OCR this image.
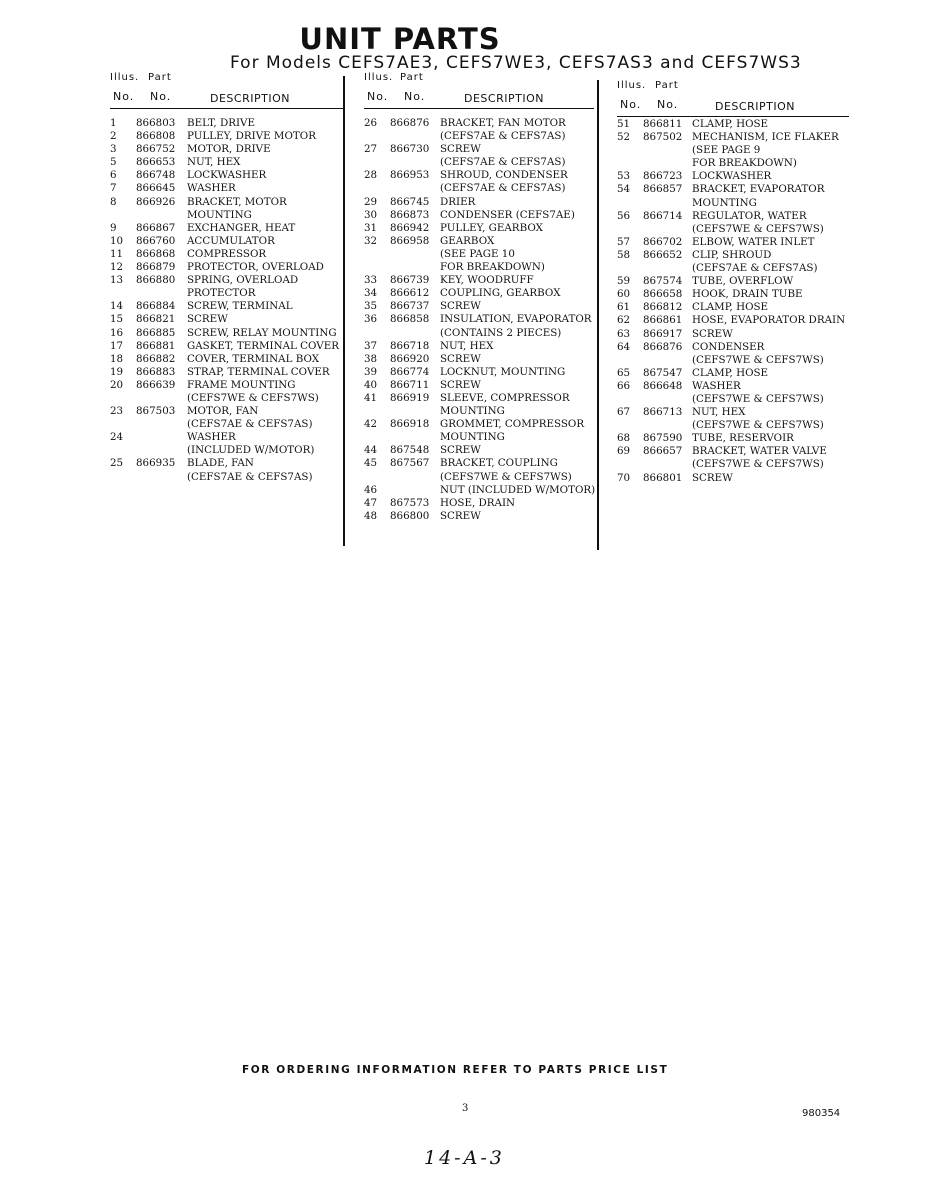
UNIT PARTS
For Models CEFS7AE3, CEFS7WE3, CEFS7AS3 and CEFS7WS3
Illus. Part
No. No.	DESCRIPTION
1 866803 BELT, DRIVE
2 866808 PULLEY, DRIVE MOTOR
3 866752 MOTOR, DRIVE
5 866653 NUT, HEX
6 866748 LOCKWASHER
7 866645 WASHER
8 866926 BRACKET, MOTOR
MOUNTING
9 866867 EXCHANGER, HEAT
10 866760 ACCUMULATOR
11 866868 COMPRESSOR
12 866879 PROTECTOR, OVERLOAD
13 866880 SPRING, OVERLOAD
PROTECTOR
14 866884 SCREW, TERMINAL
15 866821 SCREW
16 866885 SCREW, RELAY MOUNTING
17 866881 GASKET, TERMINAL COVER
18 866882 COVER, TERMINAL BOX
19 866883 STRAP, TERMINAL COVER
20 866639 FRAME MOUNTING
(CEFS7WE & CEFS7WS)
23 867503 MOTOR, FAN
(CEFS7AE & CEFS7AS)
24	WASHER
(INCLUDED W/MOTOR)
25 866935 BLADE, FAN
(CEFS7AE & CEFS7AS)
Illus. Part
No. No.	DESCRIPTION
26 866876 BRACKET, FAN MOTOR
(CEFS7AE & CEFS7AS)
27 866730 SCREW
(CEFS7AE & CEFS7AS)
28 866953 SHROUD, CONDENSER
(CEFS7AE & CEFS7AS)
29 866745 DRIER
30 866873 CONDENSER (CEFS7AE)
31 866942 PULLEY, GEARBOX
32 866958 GEARBOX
(SEE PAGE 10
FOR BREAKDOWN)
33 866739 KEY, WOODRUFF
34 866612 COUPLING, GEARBOX
35 866737 SCREW
36 866858 INSULATION, EVAPORATOR
(CONTAINS 2 PIECES)
37 866718 NUT, HEX
38 866920 SCREW
39 866774 LOCKNUT, MOUNTING
40 866711 SCREW
41 866919 SLEEVE, COMPRESSOR
MOUNTING
42 866918 GROMMET, COMPRESSOR
MOUNTING
44 867548 SCREW
45 867567 BRACKET, COUPLING
(CEFS7WE & CEFS7WS)
46	NUT (INCLUDED W/MOTOR)
47 867573 HOSE, DRAIN
48 866800 SCREW
Illus. Part
No. No.	DESCRIPTION
51 866811 CLAMP, HOSE
52 867502 MECHANISM, ICE FLAKER
(SEE PAGE 9
FOR BREAKDOWN)
53 866723 LOCKWASHER
54 866857 BRACKET, EVAPORATOR
MOUNTING
56 866714 REGULATOR, WATER
(CEFS7WE & CEFS7WS)
57 866702 ELBOW, WATER INLET
58 866652 CLIP, SHROUD
(CEFS7AE & CEFS7AS)
59 867574 TUBE, OVERFLOW
60 866658 HOOK, DRAIN TUBE
61 866812 CLAMP, HOSE
62 866861 HOSE, EVAPORATOR DRAIN
63 866917 SCREW
64 866876 CONDENSER
(CEFS7WE & CEFS7WS)
65 867547 CLAMP, HOSE
66 866648 WASHER
(CEFS7WE & CEFS7WS)
67 866713 NUT, HEX
(CEFS7WE & CEFS7WS)
68 867590 TUBE, RESERVOIR
69 866657 BRACKET, WATER VALVE
(CEFS7WE & CEFS7WS)
70 866801 SCREW
FOR ORDERING INFORMATION REFER TO PARTS PRICE LIST
3	980354
14-A-3
